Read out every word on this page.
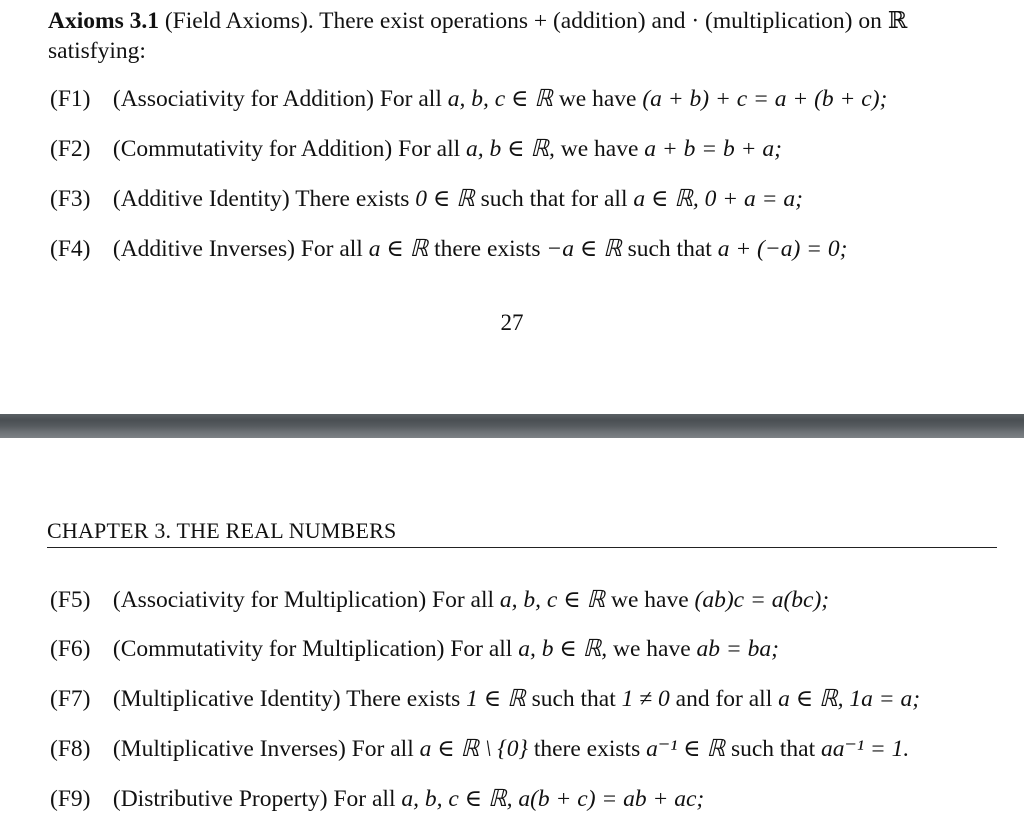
Axioms 3.1 (Field Axioms). There exist operations + (addition) and · (multiplication) on ℝ satisfying:
(F1) (Associativity for Addition) For all a, b, c ∈ ℝ we have (a + b) + c = a + (b + c);
(F2) (Commutativity for Addition) For all a, b ∈ ℝ, we have a + b = b + a;
(F3) (Additive Identity) There exists 0 ∈ ℝ such that for all a ∈ ℝ, 0 + a = a;
(F4) (Additive Inverses) For all a ∈ ℝ there exists −a ∈ ℝ such that a + (−a) = 0;
27
CHAPTER 3. THE REAL NUMBERS
(F5) (Associativity for Multiplication) For all a, b, c ∈ ℝ we have (ab)c = a(bc);
(F6) (Commutativity for Multiplication) For all a, b ∈ ℝ, we have ab = ba;
(F7) (Multiplicative Identity) There exists 1 ∈ ℝ such that 1 ≠ 0 and for all a ∈ ℝ, 1a = a;
(F8) (Multiplicative Inverses) For all a ∈ ℝ \ {0} there exists a⁻¹ ∈ ℝ such that aa⁻¹ = 1.
(F9) (Distributive Property) For all a, b, c ∈ ℝ, a(b + c) = ab + ac;
